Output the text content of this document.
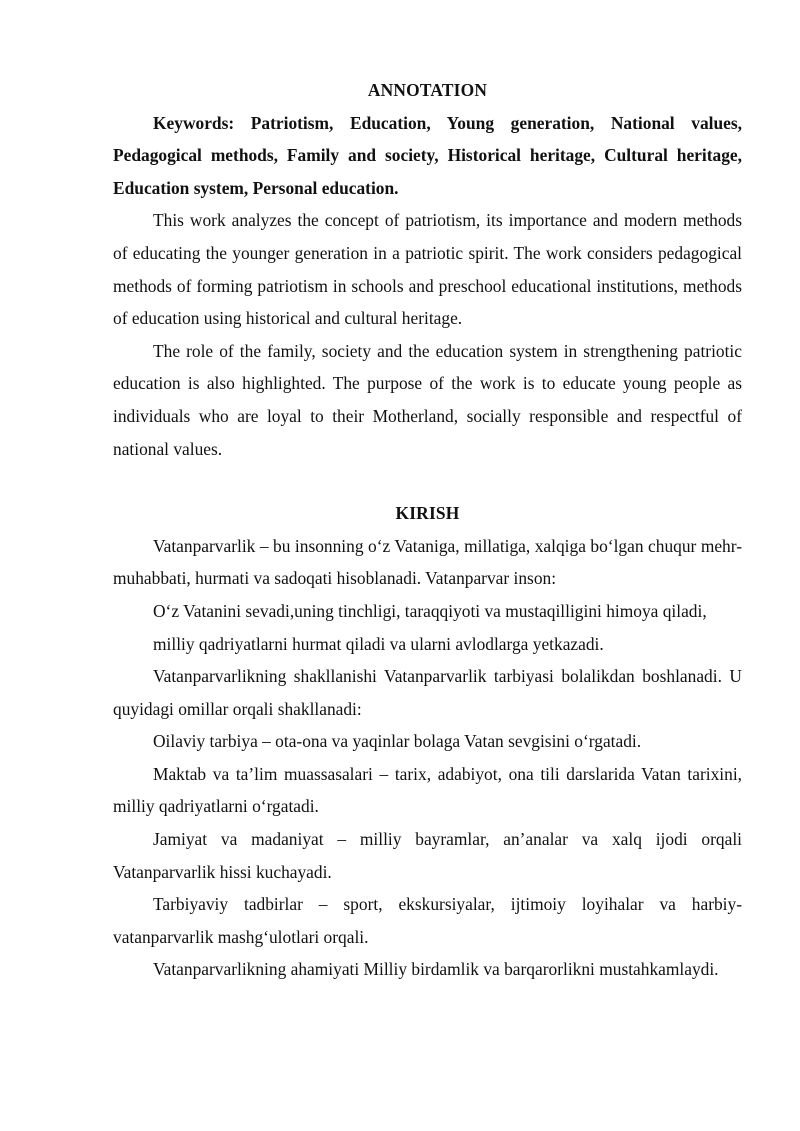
ANNOTATION

Keywords: Patriotism, Education, Young generation, National values, Pedagogical methods, Family and society, Historical heritage, Cultural heritage, Education system, Personal education.

This work analyzes the concept of patriotism, its importance and modern methods of educating the younger generation in a patriotic spirit. The work considers pedagogical methods of forming patriotism in schools and preschool educational institutions, methods of education using historical and cultural heritage.

The role of the family, society and the education system in strengthening patriotic education is also highlighted. The purpose of the work is to educate young people as individuals who are loyal to their Motherland, socially responsible and respectful of national values.

KIRISH

Vatanparvarlik – bu insonning o‘z Vataniga, millatiga, xalqiga bo‘lgan chuqur mehr-muhabbati, hurmati va sadoqati hisoblanadi. Vatanparvar inson:

O‘z Vatanini sevadi,uning tinchligi, taraqqiyoti va mustaqilligini himoya qiladi,

milliy qadriyatlarni hurmat qiladi va ularni avlodlarga yetkazadi.

Vatanparvarlikning shakllanishi Vatanparvarlik tarbiyasi bolalikdan boshlanadi. U quyidagi omillar orqali shakllanadi:

Oilaviy tarbiya – ota-ona va yaqinlar bolaga Vatan sevgisini o‘rgatadi.

Maktab va ta’lim muassasalari – tarix, adabiyot, ona tili darslarida Vatan tarixini, milliy qadriyatlarni o‘rgatadi.

Jamiyat va madaniyat – milliy bayramlar, an’analar va xalq ijodi orqali Vatanparvarlik hissi kuchayadi.

Tarbiyaviy tadbirlar – sport, ekskursiyalar, ijtimoiy loyihalar va harbiy-vatanparvarlik mashg‘ulotlari orqali.

Vatanparvarlikning ahamiyati Milliy birdamlik va barqarorlikni mustahkamlaydi.
